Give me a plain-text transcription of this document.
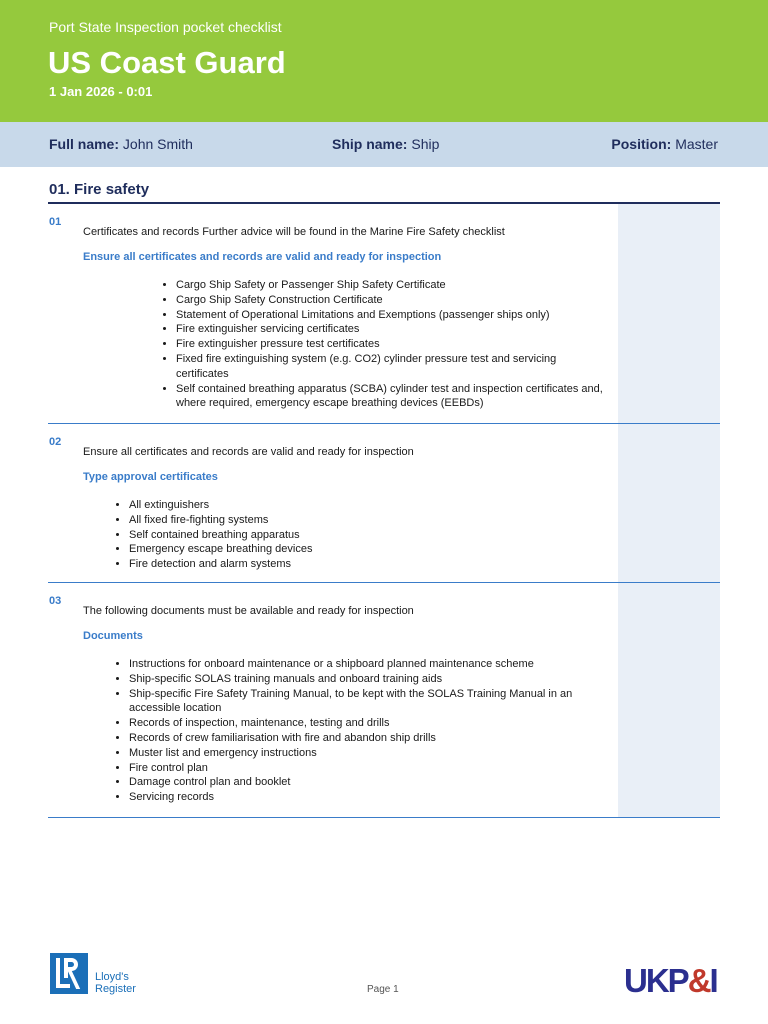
Port State Inspection pocket checklist
US Coast Guard
1 Jan 2026 - 0:01
Full name: John Smith	Ship name: Ship	Position: Master
01. Fire safety
01
Certificates and records Further advice will be found in the Marine Fire Safety checklist
Ensure all certificates and records are valid and ready for inspection
• Cargo Ship Safety or Passenger Ship Safety Certificate
• Cargo Ship Safety Construction Certificate
• Statement of Operational Limitations and Exemptions (passenger ships only)
• Fire extinguisher servicing certificates
• Fire extinguisher pressure test certificates
• Fixed fire extinguishing system (e.g. CO2) cylinder pressure test and servicing certificates
• Self contained breathing apparatus (SCBA) cylinder test and inspection certificates and, where required, emergency escape breathing devices (EEBDs)
02
Ensure all certificates and records are valid and ready for inspection
Type approval certificates
• All extinguishers
• All fixed fire-fighting systems
• Self contained breathing apparatus
• Emergency escape breathing devices
• Fire detection and alarm systems
03
The following documents must be available and ready for inspection
Documents
• Instructions for onboard maintenance or a shipboard planned maintenance scheme
• Ship-specific SOLAS training manuals and onboard training aids
• Ship-specific Fire Safety Training Manual, to be kept with the SOLAS Training Manual in an accessible location
• Records of inspection, maintenance, testing and drills
• Records of crew familiarisation with fire and abandon ship drills
• Muster list and emergency instructions
• Fire control plan
• Damage control plan and booklet
• Servicing records
Lloyd's
Register	Page 1	UKP&I
